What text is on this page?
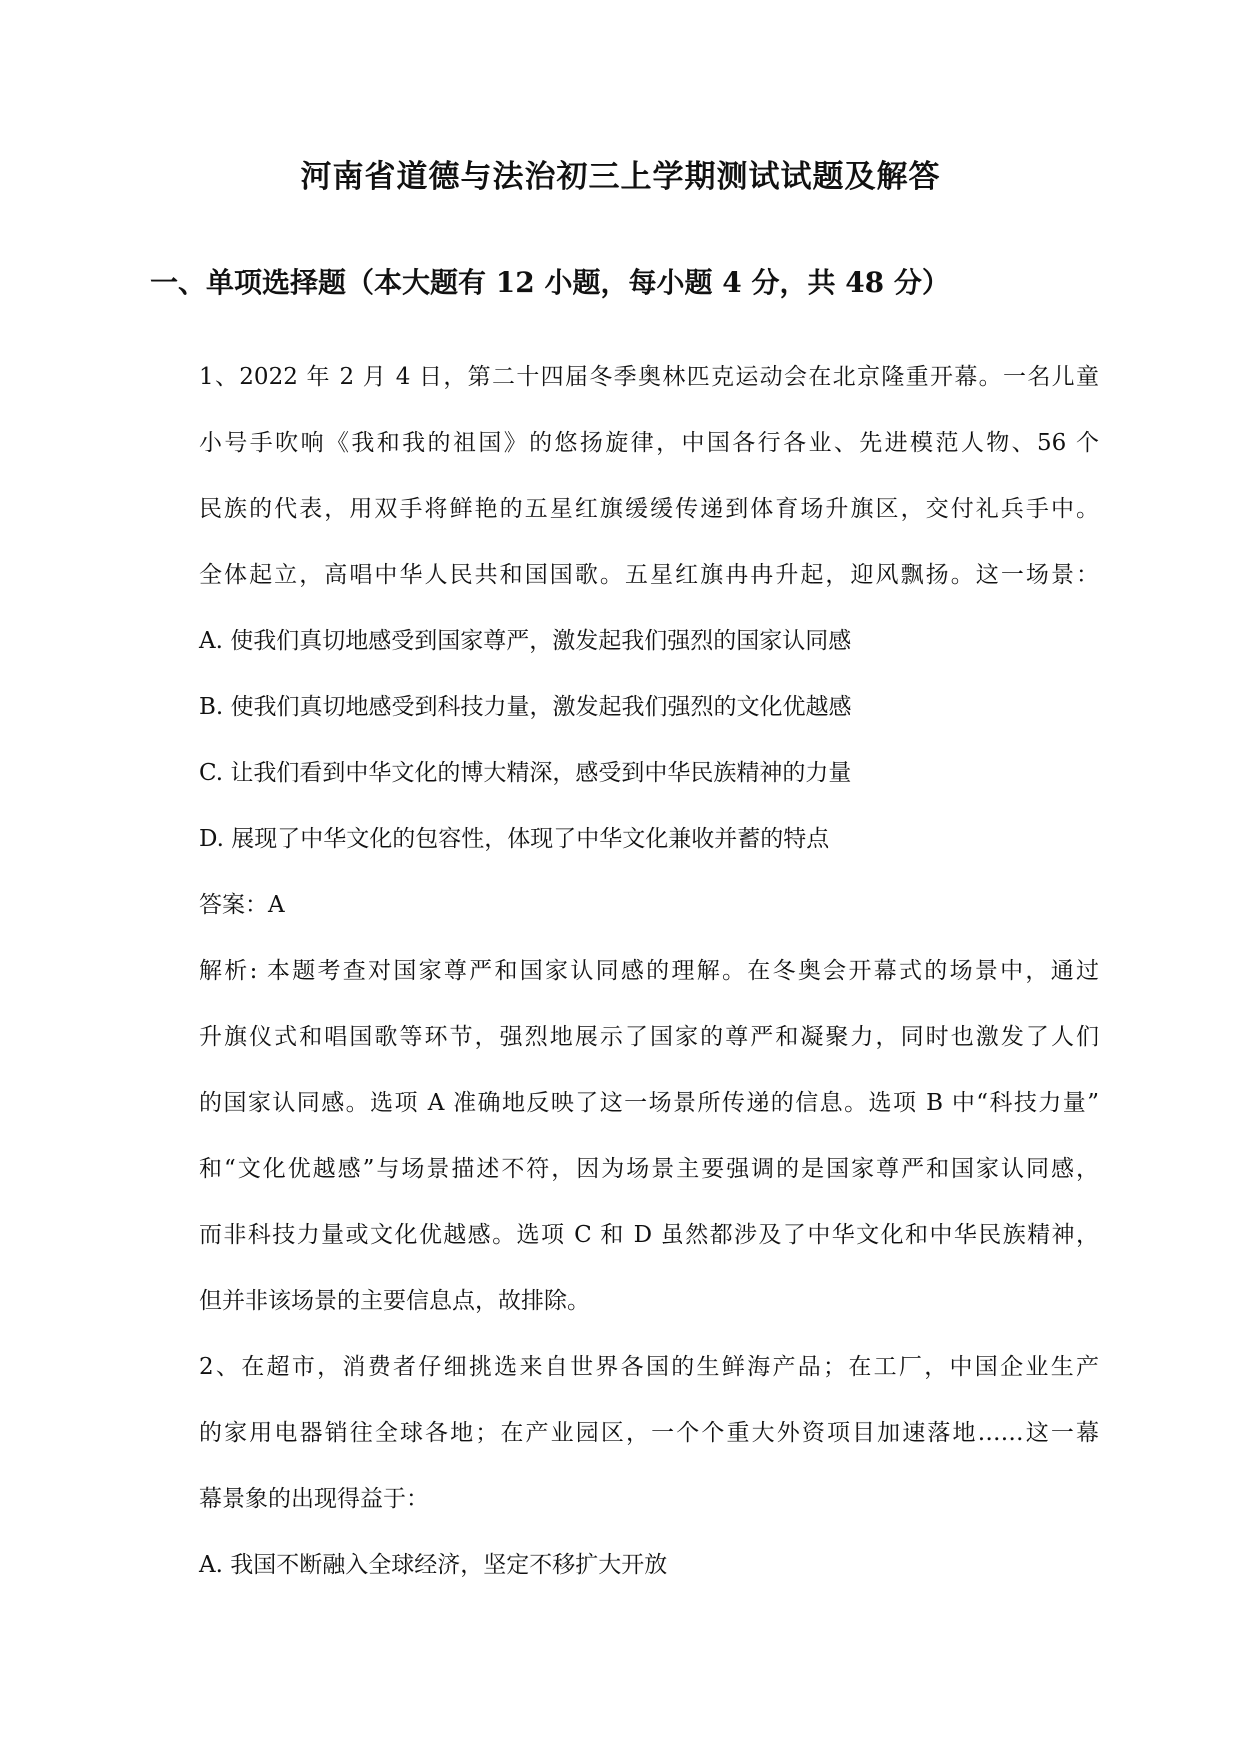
河南省道德与法治初三上学期测试试题及解答
一、单项选择题（本大题有 12 小题，每小题 4 分，共 48 分）
1、2022 年 2 月 4 日，第二十四届冬季奥林匹克运动会在北京隆重开幕。一名儿童
小号手吹响《我和我的祖国》的悠扬旋律，中国各行各业、先进模范人物、56 个
民族的代表，用双手将鲜艳的五星红旗缓缓传递到体育场升旗区，交付礼兵手中。
全体起立，高唱中华人民共和国国歌。五星红旗冉冉升起，迎风飘扬。这一场景：
A. 使我们真切地感受到国家尊严，激发起我们强烈的国家认同感
B. 使我们真切地感受到科技力量，激发起我们强烈的文化优越感
C. 让我们看到中华文化的博大精深，感受到中华民族精神的力量
D. 展现了中华文化的包容性，体现了中华文化兼收并蓄的特点
答案：A
解析: 本题考查对国家尊严和国家认同感的理解。在冬奥会开幕式的场景中，通过
升旗仪式和唱国歌等环节，强烈地展示了国家的尊严和凝聚力，同时也激发了人们
的国家认同感。选项 A 准确地反映了这一场景所传递的信息。选项 B 中“科技力量”
和“文化优越感”与场景描述不符，因为场景主要强调的是国家尊严和国家认同感，
而非科技力量或文化优越感。选项 C 和 D 虽然都涉及了中华文化和中华民族精神，
但并非该场景的主要信息点，故排除。
2、在超市，消费者仔细挑选来自世界各国的生鲜海产品；在工厂，中国企业生产
的家用电器销往全球各地；在产业园区，一个个重大外资项目加速落地……这一幕
幕景象的出现得益于：
A. 我国不断融入全球经济，坚定不移扩大开放
